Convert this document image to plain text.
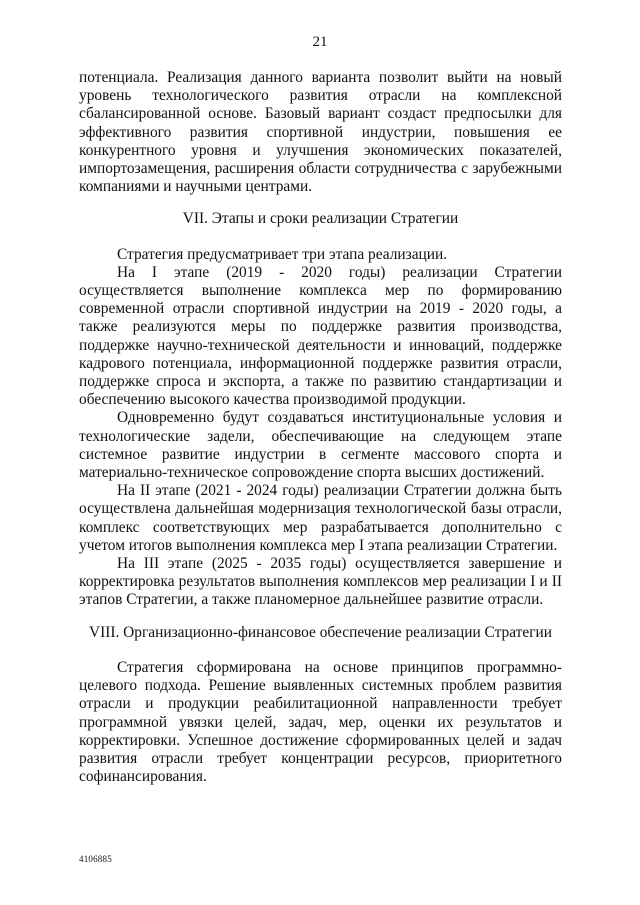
21

потенциала. Реализация данного варианта позволит выйти на новый уровень технологического развития отрасли на комплексной сбалансированной основе. Базовый вариант создаст предпосылки для эффективного развития спортивной индустрии, повышения ее конкурентного уровня и улучшения экономических показателей, импортозамещения, расширения области сотрудничества с зарубежными компаниями и научными центрами.

VII. Этапы и сроки реализации Стратегии

Стратегия предусматривает три этапа реализации.

На I этапе (2019 - 2020 годы) реализации Стратегии осуществляется выполнение комплекса мер по формированию современной отрасли спортивной индустрии на 2019 - 2020 годы, а также реализуются меры по поддержке развития производства, поддержке научно-технической деятельности и инноваций, поддержке кадрового потенциала, информационной поддержке развития отрасли, поддержке спроса и экспорта, а также по развитию стандартизации и обеспечению высокого качества производимой продукции.

Одновременно будут создаваться институциональные условия и технологические задели, обеспечивающие на следующем этапе системное развитие индустрии в сегменте массового спорта и материально-техническое сопровождение спорта высших достижений.

На II этапе (2021 - 2024 годы) реализации Стратегии должна быть осуществлена дальнейшая модернизация технологической базы отрасли, комплекс соответствующих мер разрабатывается дополнительно с учетом итогов выполнения комплекса мер I этапа реализации Стратегии.

На III этапе (2025 - 2035 годы) осуществляется завершение и корректировка результатов выполнения комплексов мер реализации I и II этапов Стратегии, а также планомерное дальнейшее развитие отрасли.

VIII. Организационно-финансовое обеспечение реализации Стратегии

Стратегия сформирована на основе принципов программно-целевого подхода. Решение выявленных системных проблем развития отрасли и продукции реабилитационной направленности требует программной увязки целей, задач, мер, оценки их результатов и корректировки. Успешное достижение сформированных целей и задач развития отрасли требует концентрации ресурсов, приоритетного софинансирования.

4106885
